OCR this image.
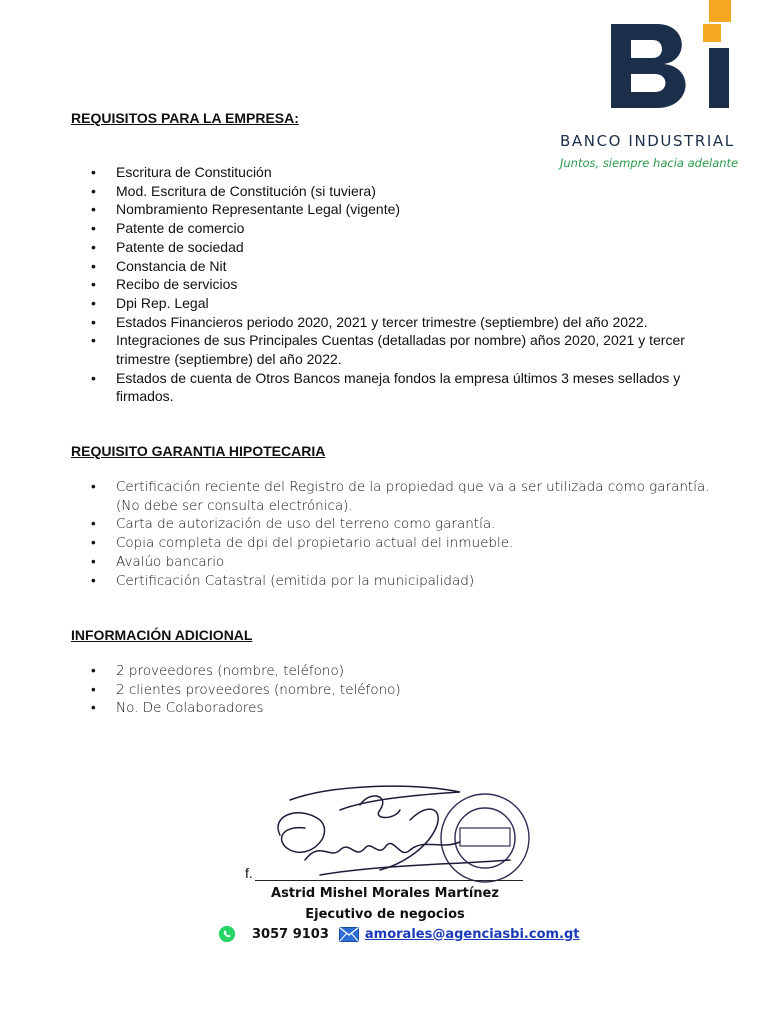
BANCO INDUSTRIAL
Juntos, siempre hacia adelante
REQUISITOS PARA LA EMPRESA:
• Escritura de Constitución
• Mod. Escritura de Constitución (si tuviera)
• Nombramiento Representante Legal (vigente)
• Patente de comercio
• Patente de sociedad
• Constancia de Nit
• Recibo de servicios
• Dpi Rep. Legal
• Estados Financieros periodo 2020, 2021 y tercer trimestre (septiembre) del año 2022.
• Integraciones de sus Principales Cuentas (detalladas por nombre) años 2020, 2021 y tercer trimestre (septiembre) del año 2022.
• Estados de cuenta de Otros Bancos maneja fondos la empresa últimos 3 meses sellados y firmados.
REQUISITO GARANTIA HIPOTECARIA
• Certificación reciente del Registro de la propiedad que va a ser utilizada como garantía. (No debe ser consulta electrónica).
• Carta de autorización de uso del terreno como garantía.
• Copia completa de dpi del propietario actual del inmueble.
• Avalúo bancario
• Certificación Catastral (emitida por la municipalidad)
INFORMACIÓN ADICIONAL
• 2 proveedores (nombre, teléfono)
• 2 clientes proveedores (nombre, teléfono)
• No. De Colaboradores
f.
Astrid Mishel Morales Martínez
Ejecutivo de negocios
3057 9103	amorales@agenciasbi.com.gt
